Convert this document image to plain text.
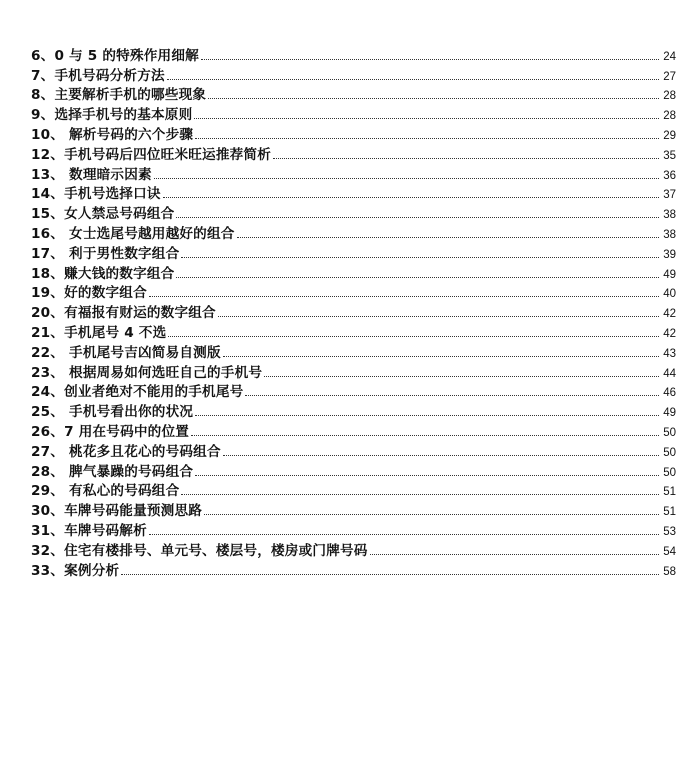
6、0 与 5 的特殊作用细解	24
7、手机号码分析方法	27
8、主要解析手机的哪些现象	28
9、选择手机号的基本原则	28
10、 解析号码的六个步骤	29
12、手机号码后四位旺米旺运推荐简析	35
13、 数理暗示因素	36
14、手机号选择口诀	37
15、女人禁忌号码组合	38
16、 女士选尾号越用越好的组合	38
17、 利于男性数字组合	39
18、赚大钱的数字组合	49
19、好的数字组合	40
20、有福报有财运的数字组合	42
21、手机尾号 4 不选	42
22、 手机尾号吉凶简易自测版	43
23、 根据周易如何选旺自己的手机号	44
24、创业者绝对不能用的手机尾号	46
25、 手机号看出你的状况	49
26、7 用在号码中的位置	50
27、 桃花多且花心的号码组合	50
28、 脾气暴躁的号码组合	50
29、 有私心的号码组合	51
30、车牌号码能量预测思路	51
31、车牌号码解析	53
32、住宅有楼排号、单元号、楼层号，楼房或门牌号码	54
33、案例分析	58
